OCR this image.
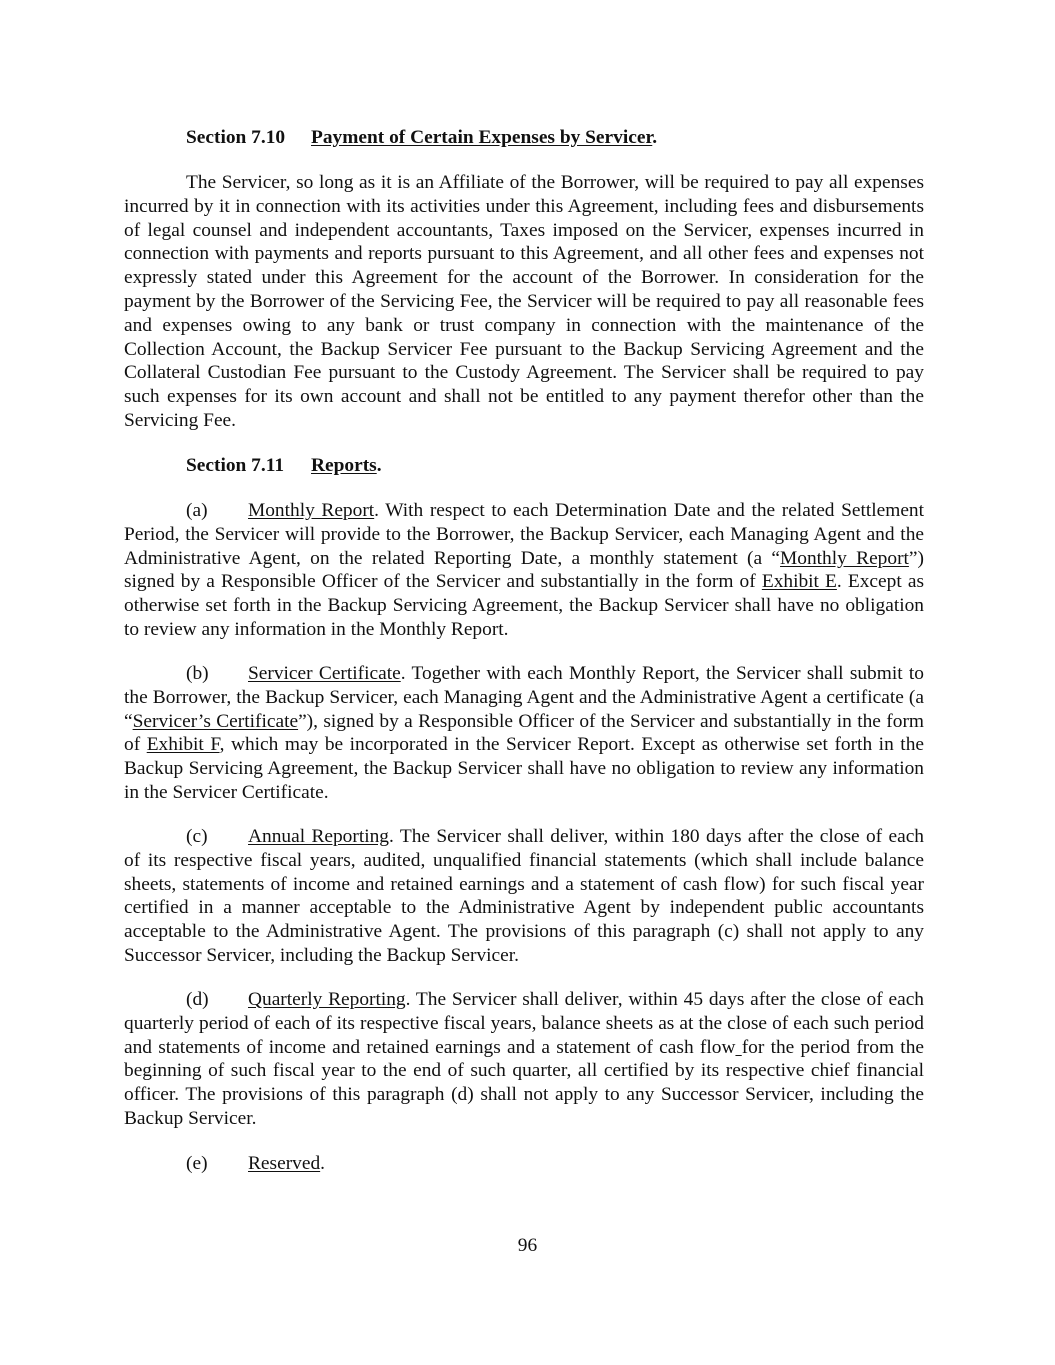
Section 7.10 Payment of Certain Expenses by Servicer.

The Servicer, so long as it is an Affiliate of the Borrower, will be required to pay all expenses incurred by it in connection with its activities under this Agreement, including fees and disbursements of legal counsel and independent accountants, Taxes imposed on the Servicer, expenses incurred in connection with payments and reports pursuant to this Agreement, and all other fees and expenses not expressly stated under this Agreement for the account of the Borrower. In consideration for the payment by the Borrower of the Servicing Fee, the Servicer will be required to pay all reasonable fees and expenses owing to any bank or trust company in connection with the maintenance of the Collection Account, the Backup Servicer Fee pursuant to the Backup Servicing Agreement and the Collateral Custodian Fee pursuant to the Custody Agreement. The Servicer shall be required to pay such expenses for its own account and shall not be entitled to any payment therefor other than the Servicing Fee.

Section 7.11 Reports.

(a) Monthly Report. With respect to each Determination Date and the related Settlement Period, the Servicer will provide to the Borrower, the Backup Servicer, each Managing Agent and the Administrative Agent, on the related Reporting Date, a monthly statement (a “Monthly Report”) signed by a Responsible Officer of the Servicer and substantially in the form of Exhibit E. Except as otherwise set forth in the Backup Servicing Agreement, the Backup Servicer shall have no obligation to review any information in the Monthly Report.

(b) Servicer Certificate. Together with each Monthly Report, the Servicer shall submit to the Borrower, the Backup Servicer, each Managing Agent and the Administrative Agent a certificate (a “Servicer’s Certificate”), signed by a Responsible Officer of the Servicer and substantially in the form of Exhibit F, which may be incorporated in the Servicer Report. Except as otherwise set forth in the Backup Servicing Agreement, the Backup Servicer shall have no obligation to review any information in the Servicer Certificate.

(c) Annual Reporting. The Servicer shall deliver, within 180 days after the close of each of its respective fiscal years, audited, unqualified financial statements (which shall include balance sheets, statements of income and retained earnings and a statement of cash flow) for such fiscal year certified in a manner acceptable to the Administrative Agent by independent public accountants acceptable to the Administrative Agent. The provisions of this paragraph (c) shall not apply to any Successor Servicer, including the Backup Servicer.

(d) Quarterly Reporting. The Servicer shall deliver, within 45 days after the close of each quarterly period of each of its respective fiscal years, balance sheets as at the close of each such period and statements of income and retained earnings and a statement of cash flow for the period from the beginning of such fiscal year to the end of such quarter, all certified by its respective chief financial officer. The provisions of this paragraph (d) shall not apply to any Successor Servicer, including the Backup Servicer.

(e) Reserved.

96
